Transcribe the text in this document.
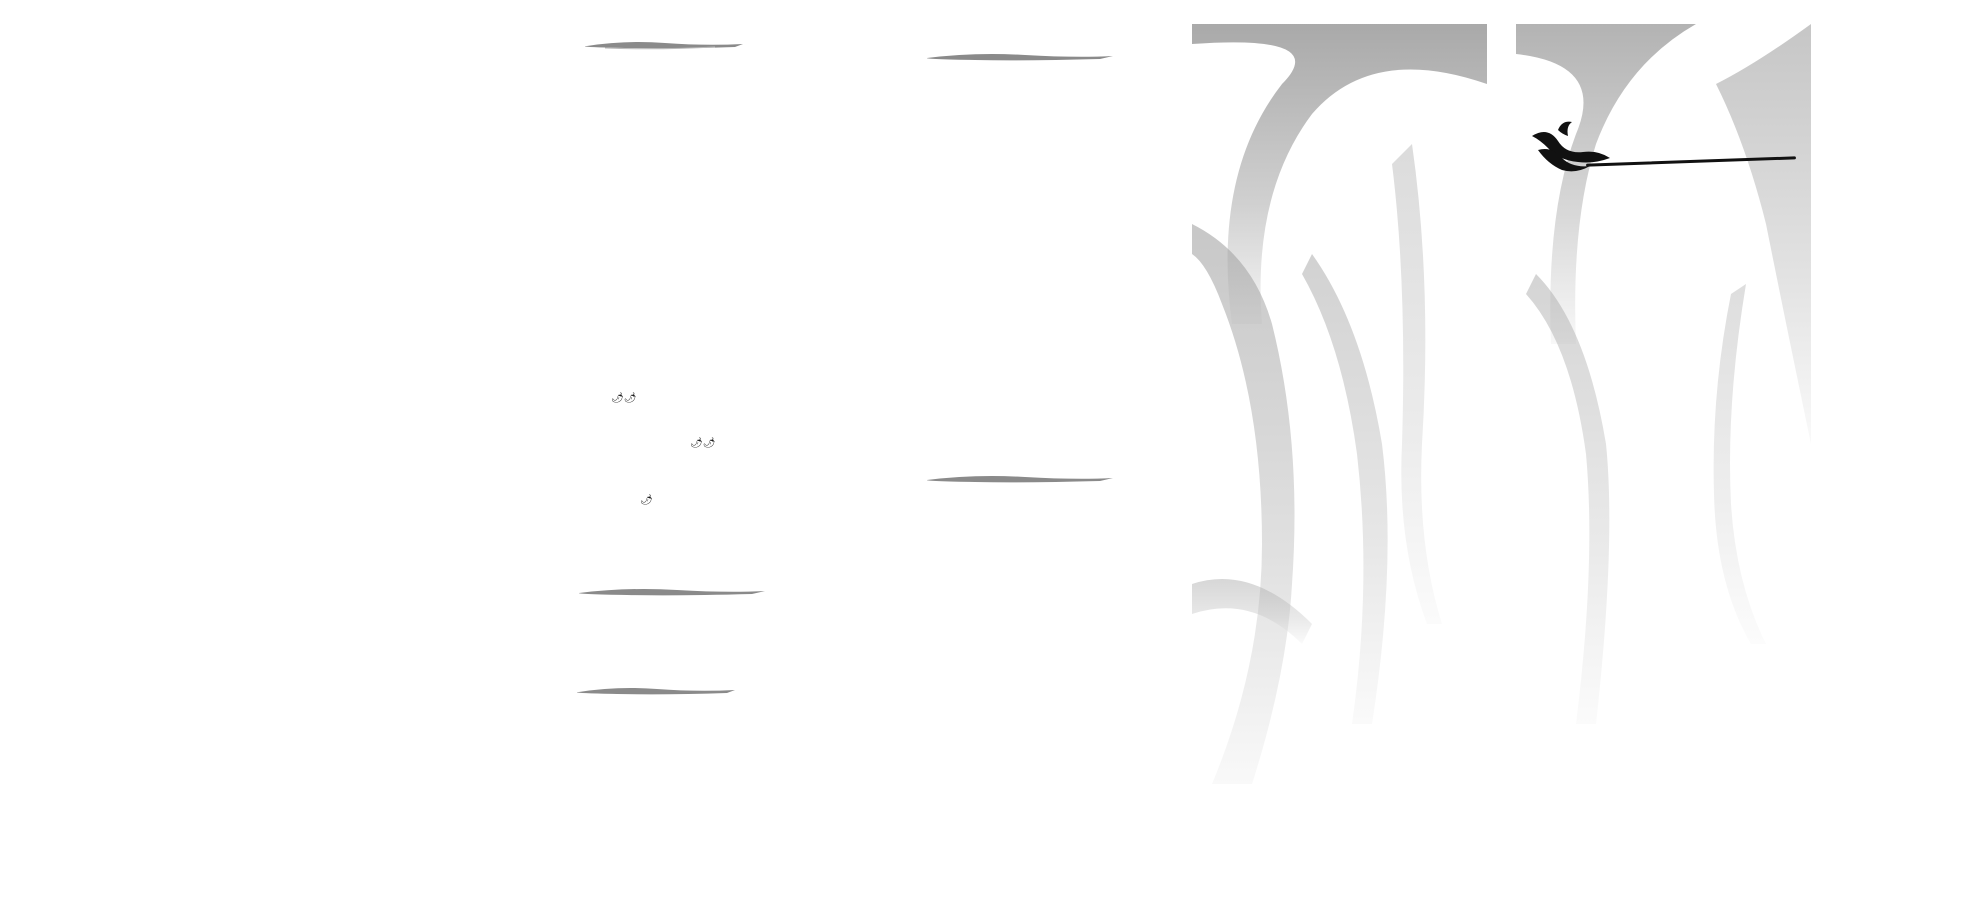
🌶🌶
🌶🌶
🌶
